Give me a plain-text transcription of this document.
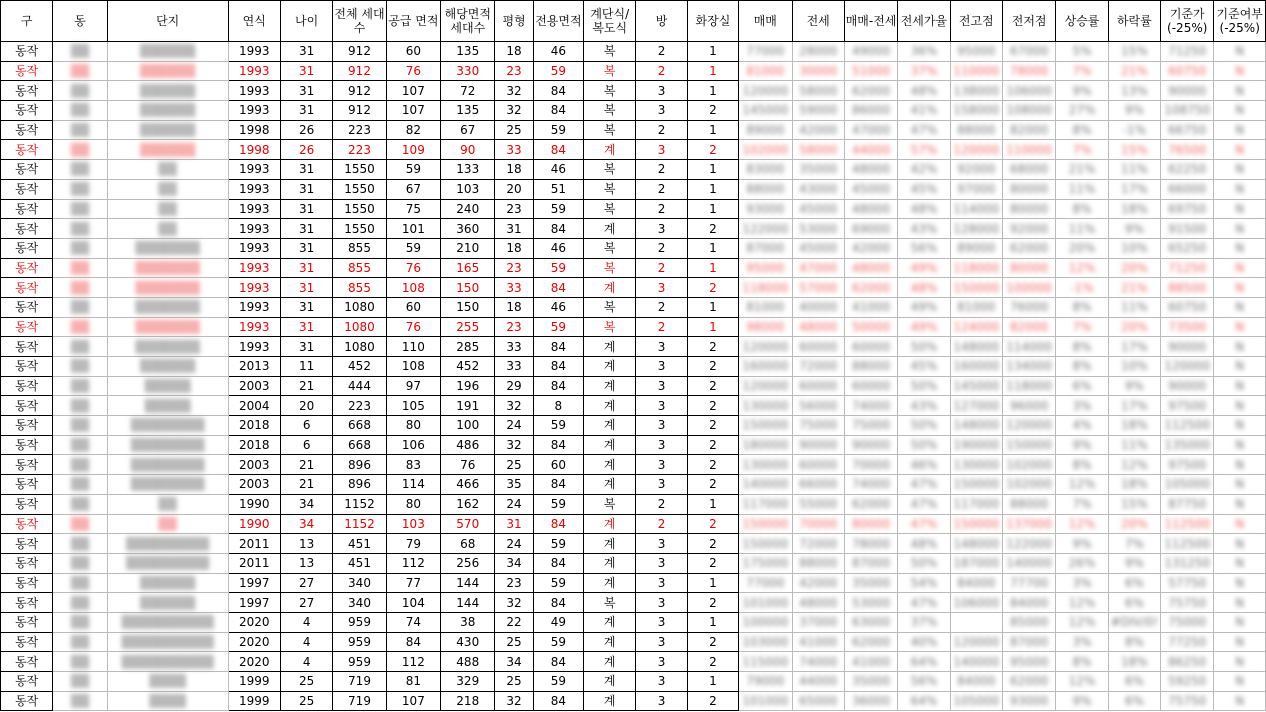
구	동	단지	연식	나이	전체 세대수	공급 면적	해당면적 세대수	평형	전용면적	계단식/ 복도식	방	화장실	매매	전세	매매-전세	전세가율	전고점	전저점	상승률	하락률	기준가 (-25%)	기준여부 (-25%)
동작	▒▒	▒▒▒▒▒▒	1993	31	912	60	135	18	46	복	2	1	77000	28000	49000	36%	95000	67000	5%	15%	71250	N
동작	▒▒	▒▒▒▒▒▒	1993	31	912	76	330	23	59	복	2	1	81000	30000	51000	37%	110000	78000	7%	21%	60750	N
동작	▒▒	▒▒▒▒▒▒	1993	31	912	107	72	32	84	복	3	1	120000	58000	62000	48%	138000	106000	9%	13%	90000	N
동작	▒▒	▒▒▒▒▒▒	1993	31	912	107	135	32	84	복	3	2	145000	59000	86000	41%	158000	108000	27%	9%	108750	N
동작	▒▒	▒▒▒▒▒▒	1998	26	223	82	67	25	59	복	2	1	89000	42000	47000	47%	88000	82000	8%	-1%	66750	N
동작	▒▒	▒▒▒▒▒▒	1998	26	223	109	90	33	84	계	3	2	102000	58000	44000	57%	120000	110000	7%	15%	76500	N
동작	▒▒	▒▒	1993	31	1550	59	133	18	46	복	2	1	83000	35000	48000	42%	92000	68000	21%	11%	62250	N
동작	▒▒	▒▒	1993	31	1550	67	103	20	51	복	2	1	88000	43000	45000	45%	97000	80000	11%	17%	66000	N
동작	▒▒	▒▒	1993	31	1550	75	240	23	59	복	2	1	93000	45000	48000	48%	114000	80000	8%	18%	69750	N
동작	▒▒	▒▒	1993	31	1550	101	360	31	84	계	3	2	122000	53000	69000	43%	128000	92000	11%	9%	91500	N
동작	▒▒	▒▒▒▒▒▒▒	1993	31	855	59	210	18	46	복	2	1	87000	45000	42000	56%	89000	62000	20%	10%	65250	N
동작	▒▒	▒▒▒▒▒▒▒	1993	31	855	76	165	23	59	복	2	1	95000	47000	48000	49%	118000	80000	12%	20%	71250	N
동작	▒▒	▒▒▒▒▒▒▒	1993	31	855	108	150	33	84	계	3	2	118000	57000	62000	48%	150000	100000	-1%	21%	88500	N
동작	▒▒	▒▒▒▒▒▒▒	1993	31	1080	60	150	18	46	복	2	1	81000	40000	41000	49%	81000	76000	8%	11%	60750	N
동작	▒▒	▒▒▒▒▒▒▒	1993	31	1080	76	255	23	59	복	2	1	98000	48000	50000	49%	124000	82000	7%	20%	73500	N
동작	▒▒	▒▒▒▒▒▒▒	1993	31	1080	110	285	33	84	계	3	2	120000	60000	60000	50%	148000	114000	8%	17%	90000	N
동작	▒▒	▒▒▒▒▒▒	2013	11	452	108	452	33	84	계	3	2	160000	72000	88000	45%	160000	134000	8%	10%	120000	N
동작	▒▒	▒▒▒▒▒	2003	21	444	97	196	29	84	계	3	2	120000	60000	60000	50%	145000	118000	6%	9%	90000	N
동작	▒▒	▒▒▒▒▒	2004	20	223	105	191	32	8	계	3	2	130000	56000	74000	43%	127000	96000	3%	17%	97500	N
동작	▒▒	▒▒▒▒▒▒▒▒	2018	6	668	80	100	24	59	계	3	2	150000	75000	75000	50%	148000	120000	4%	18%	112500	N
동작	▒▒	▒▒▒▒▒▒▒▒	2018	6	668	106	486	32	84	계	3	2	180000	90000	90000	50%	190000	150000	9%	11%	135000	N
동작	▒▒	▒▒▒▒▒▒▒▒	2003	21	896	83	76	25	60	계	3	2	130000	60000	70000	46%	130000	102000	8%	12%	97500	N
동작	▒▒	▒▒▒▒▒▒▒▒	2003	21	896	114	466	35	84	계	3	2	140000	66000	74000	47%	150000	102000	12%	18%	105000	N
동작	▒▒	▒▒	1990	34	1152	80	162	24	59	복	2	1	117000	55000	62000	47%	117000	88000	7%	15%	87750	N
동작	▒▒	▒▒	1990	34	1152	103	570	31	84	계	2	2	150000	70000	80000	47%	150000	137000	12%	20%	112500	N
동작	▒▒	▒▒▒▒▒▒▒▒▒	2011	13	451	79	68	24	59	계	3	2	150000	72000	78000	48%	148000	122000	9%	7%	112500	N
동작	▒▒	▒▒▒▒▒▒▒▒▒	2011	13	451	112	256	34	84	계	3	2	175000	88000	87000	50%	187000	140000	26%	9%	131250	N
동작	▒▒	▒▒▒▒▒▒	1997	27	340	77	144	23	59	계	3	1	77000	42000	35000	54%	84000	77700	3%	6%	57750	N
동작	▒▒	▒▒▒▒▒▒	1997	27	340	104	144	32	84	복	3	2	101000	48000	53000	47%	106000	84000	12%	6%	75750	N
동작	▒▒	▒▒▒▒▒▒▒▒▒▒	2020	4	959	74	38	22	49	계	3	1	100000	37000	63000	37%		85000	12%	#DIV/0!	75000	N
동작	▒▒	▒▒▒▒▒▒▒▒▒▒	2020	4	959	84	430	25	59	계	3	2	103000	41000	62000	40%	120000	87000	3%	8%	77250	N
동작	▒▒	▒▒▒▒▒▒▒▒▒▒	2020	4	959	112	488	34	84	계	3	2	115000	74000	41000	64%	140000	95000	8%	18%	86250	N
동작	▒▒	▒▒▒▒	1999	25	719	81	329	25	59	계	3	1	79000	44000	35000	56%	84000	62000	12%	6%	59250	N
동작	▒▒	▒▒▒▒	1999	25	719	107	218	32	84	계	3	2	101000	65000	36000	64%	105000	93000	9%	6%	75750	N
